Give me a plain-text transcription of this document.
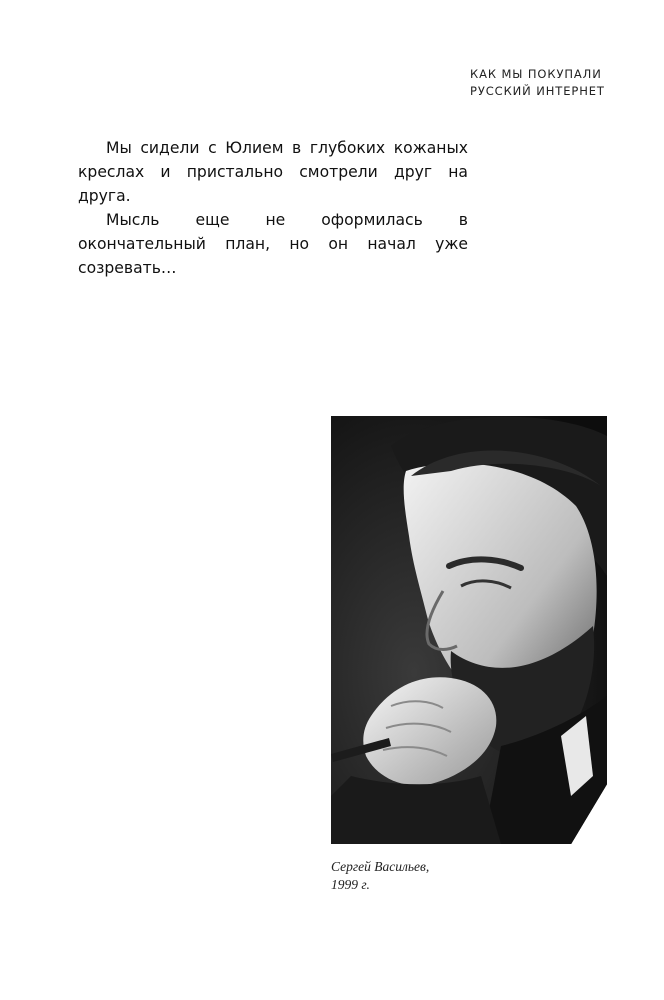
КАК МЫ ПОКУПАЛИ
РУССКИЙ ИНТЕРНЕТ

Мы сидели с Юлием в глубоких кожаных креслах и пристально смотрели друг на друга.

Мысль еще не оформилась в окончательный план, но он начал уже созревать…

Сергей Васильев,
1999 г.
